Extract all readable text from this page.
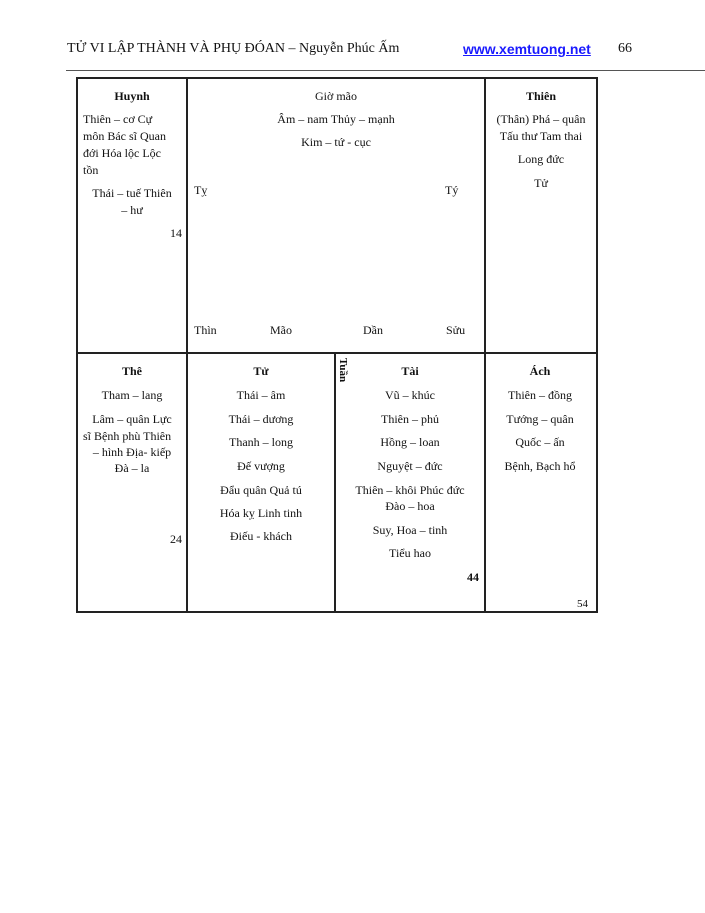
TỬ VI LẬP THÀNH VÀ PHỤ ĐÓAN – Nguyễn Phúc Ấm	www.xemtuong.net 66
Huynh
Thiên – cơ Cự
môn Bác sĩ Quan
đới Hóa lộc Lộc
tồn
Thái – tuế Thiên
– hư
14
Giờ mão
Âm – nam Thủy – mạnh
Kim – tứ - cục
Tỵ	Tý
Thìn	Mão	Dần	Sửu
Thiên
(Thân) Phá – quân
Tấu thư Tam thai
Long đức
Tử
Thê
Tham – lang
Lâm – quân Lực
sĩ Bệnh phù Thiên
– hình Địa- kiếp
Đà – la
24
Tử
Thái – âm
Thái – dương
Thanh – long
Đế vượng
Đẩu quân Quả tú
Hóa kỵ Linh tinh
Điếu - khách
Tuần	Tài
Vũ – khúc
Thiên – phủ
Hồng – loan
Nguyệt – đức
Thiên – khôi Phúc đức
Đào – hoa
Suy, Hoa – tinh
Tiểu hao
44
Ách
Thiên – đồng
Tướng – quân
Quốc – ấn
Bệnh, Bạch hổ
54
